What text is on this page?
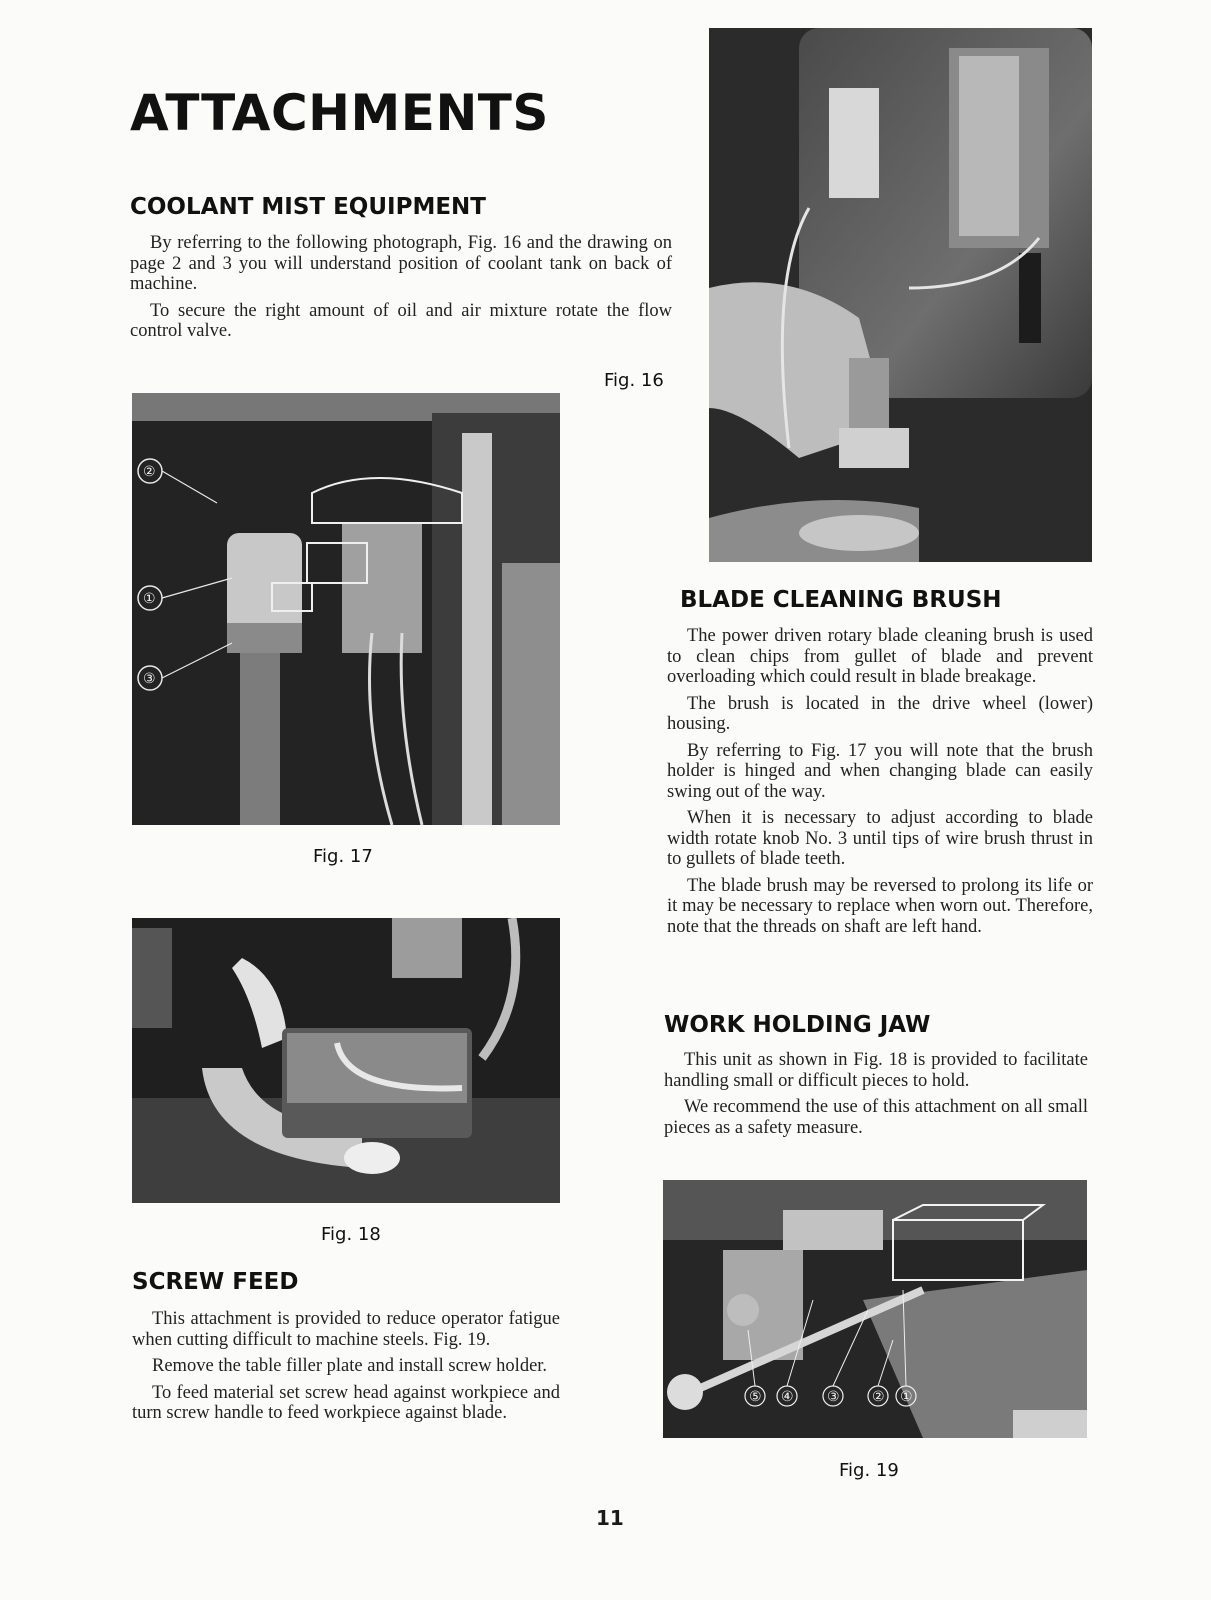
ATTACHMENTS
COOLANT MIST EQUIPMENT

By referring to the following photograph, Fig. 16 and the drawing on page 2 and 3 you will understand position of coolant tank on back of machine.

To secure the right amount of oil and air mixture rotate the flow control valve.

Fig. 16
②
①
③
Fig. 17
BLADE CLEANING BRUSH

The power driven rotary blade cleaning brush is used to clean chips from gullet of blade and prevent overloading which could result in blade breakage.

The brush is located in the drive wheel (lower) housing.

By referring to Fig. 17 you will note that the brush holder is hinged and when changing blade can easily swing out of the way.

When it is necessary to adjust according to blade width rotate knob No. 3 until tips of wire brush thrust in to gullets of blade teeth.

The blade brush may be reversed to prolong its life or it may be necessary to replace when worn out. Therefore, note that the threads on shaft are left hand.

WORK HOLDING JAW

This unit as shown in Fig. 18 is provided to facilitate handling small or difficult pieces to hold.

We recommend the use of this attachment on all small pieces as a safety measure.

Fig. 18
SCREW FEED

This attachment is provided to reduce operator fatigue when cutting difficult to machine steels. Fig. 19.

Remove the table filler plate and install screw holder.

To feed material set screw head against workpiece and turn screw handle to feed workpiece against blade.

⑤ ④ ③ ② ①
Fig. 19
11
